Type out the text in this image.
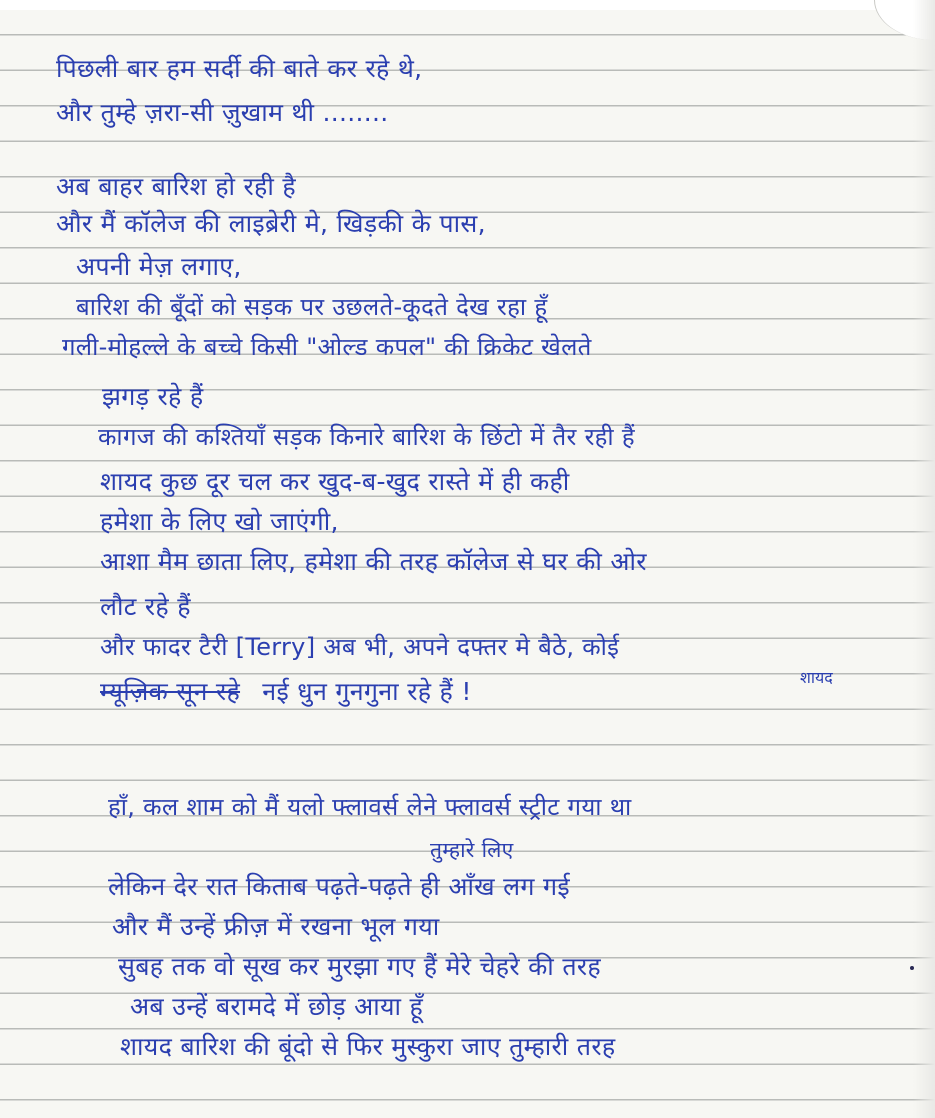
पिछली बार हम सर्दी की बाते कर रहे थे,
और तुम्हे ज़रा-सी ज़ुखाम थी ........
अब बाहर बारिश हो रही है
और मैं कॉलेज की लाइब्रेरी मे, खिड़की के पास,
अपनी मेज़ लगाए,
बारिश की बूँदों को सड़क पर उछलते-कूदते देख रहा हूँ
गली-मोहल्ले के बच्चे किसी "ओल्ड कपल" की क्रिकेट खेलते
झगड़ रहे हैं
कागज की कश्तियाँ सड़क किनारे बारिश के छिंटो में तैर रही हैं
शायद कुछ दूर चल कर खुद-ब-खुद रास्ते में ही कही
हमेशा के लिए खो जाएंगी,
आशा मैम छाता लिए, हमेशा की तरह कॉलेज से घर की ओर
लौट रहे हैं
और फादर टैरी [Terry] अब भी, अपने दफ्तर मे बैठे, कोई
शायद
म्यूज़िक सून रहे नई धुन गुनगुना रहे हैं !
हाँ, कल शाम को मैं यलो फ्लावर्स लेने फ्लावर्स स्ट्रीट गया था
तुम्हारे लिए
लेकिन देर रात किताब पढ़ते-पढ़ते ही आँख लग गई
और मैं उन्हें फ्रीज़ में रखना भूल गया
सुबह तक वो सूख कर मुरझा गए हैं मेरे चेहरे की तरह
अब उन्हें बरामदे में छोड़ आया हूँ
शायद बारिश की बूंदो से फिर मुस्कुरा जाए तुम्हारी तरह
